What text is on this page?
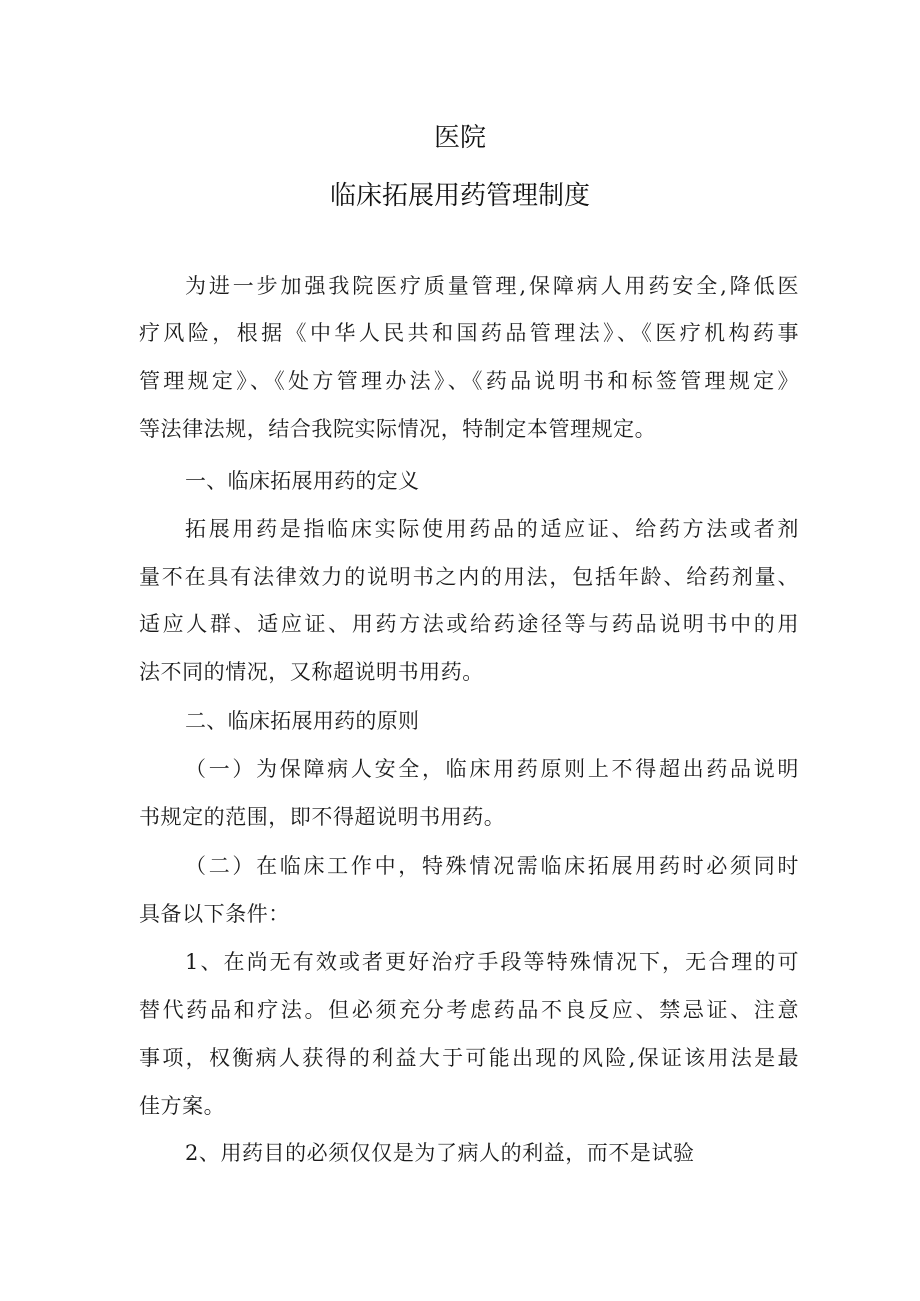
医院
临床拓展用药管理制度
为进一步加强我院医疗质量管理,保障病人用药安全,降低医
疗风险，根据《中华人民共和国药品管理法》、《医疗机构药事
管理规定》、《处方管理办法》、《药品说明书和标签管理规定》
等法律法规，结合我院实际情况，特制定本管理规定。
一、临床拓展用药的定义
拓展用药是指临床实际使用药品的适应证、给药方法或者剂
量不在具有法律效力的说明书之内的用法，包括年龄、给药剂量、
适应人群、适应证、用药方法或给药途径等与药品说明书中的用
法不同的情况，又称超说明书用药。
二、临床拓展用药的原则
（一）为保障病人安全，临床用药原则上不得超出药品说明
书规定的范围，即不得超说明书用药。
（二）在临床工作中，特殊情况需临床拓展用药时必须同时
具备以下条件：
1、在尚无有效或者更好治疗手段等特殊情况下，无合理的可
替代药品和疗法。但必须充分考虑药品不良反应、禁忌证、注意
事项，权衡病人获得的利益大于可能出现的风险,保证该用法是最
佳方案。
2、用药目的必须仅仅是为了病人的利益，而不是试验
